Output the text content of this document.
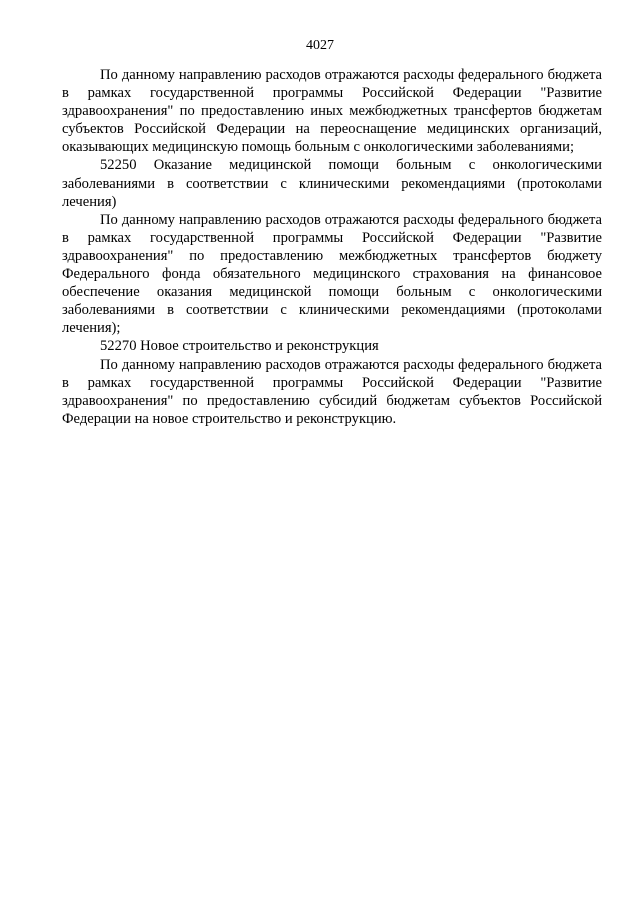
4027

По данному направлению расходов отражаются расходы федерального бюджета в рамках государственной программы Российской Федерации "Развитие здравоохранения" по предоставлению иных межбюджетных трансфертов бюджетам субъектов Российской Федерации на переоснащение медицинских организаций, оказывающих медицинскую помощь больным с онкологическими заболеваниями;

52250 Оказание медицинской помощи больным с онкологическими заболеваниями в соответствии с клиническими рекомендациями (протоколами лечения)

По данному направлению расходов отражаются расходы федерального бюджета в рамках государственной программы Российской Федерации "Развитие здравоохранения" по предоставлению межбюджетных трансфертов бюджету Федерального фонда обязательного медицинского страхования на финансовое обеспечение оказания медицинской помощи больным с онкологическими заболеваниями в соответствии с клиническими рекомендациями (протоколами лечения);

52270 Новое строительство и реконструкция

По данному направлению расходов отражаются расходы федерального бюджета в рамках государственной программы Российской Федерации "Развитие здравоохранения" по предоставлению субсидий бюджетам субъектов Российской Федерации на новое строительство и реконструкцию.
